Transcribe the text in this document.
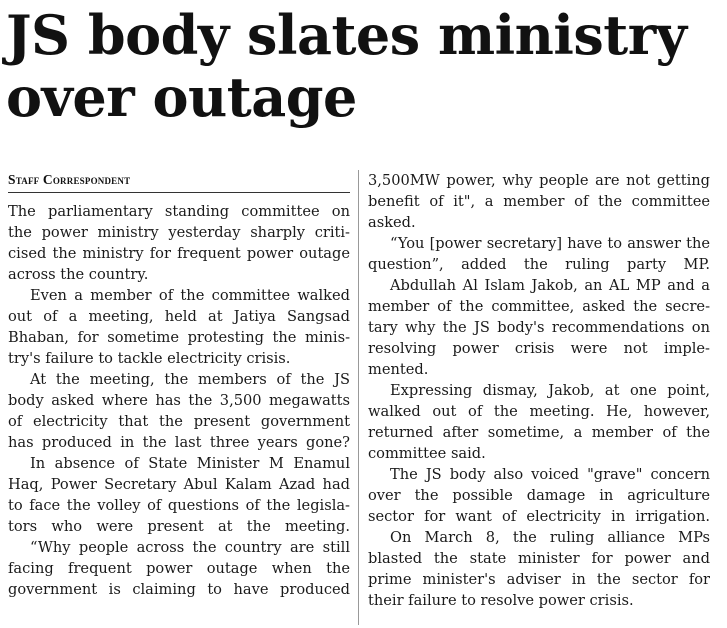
JS body slates ministry
over outage

Staff Correspondent

The parliamentary standing committee on
the power ministry yesterday sharply criti-
cised the ministry for frequent power outage
across the country.
Even a member of the committee walked
out of a meeting, held at Jatiya Sangsad
Bhaban, for sometime protesting the minis-
try's failure to tackle electricity crisis.
At the meeting, the members of the JS
body asked where has the 3,500 megawatts
of electricity that the present government
has produced in the last three years gone?
In absence of State Minister M Enamul
Haq, Power Secretary Abul Kalam Azad had
to face the volley of questions of the legisla-
tors who were present at the meeting.
“Why people across the country are still
facing frequent power outage when the
government is claiming to have produced
3,500MW power, why people are not getting
benefit of it", a member of the committee
asked.
“You [power secretary] have to answer the
question”, added the ruling party MP.
Abdullah Al Islam Jakob, an AL MP and a
member of the committee, asked the secre-
tary why the JS body's recommendations on
resolving power crisis were not imple-
mented.
Expressing dismay, Jakob, at one point,
walked out of the meeting. He, however,
returned after sometime, a member of the
committee said.
The JS body also voiced "grave" concern
over the possible damage in agriculture
sector for want of electricity in irrigation.
On March 8, the ruling alliance MPs
blasted the state minister for power and
prime minister's adviser in the sector for
their failure to resolve power crisis.
